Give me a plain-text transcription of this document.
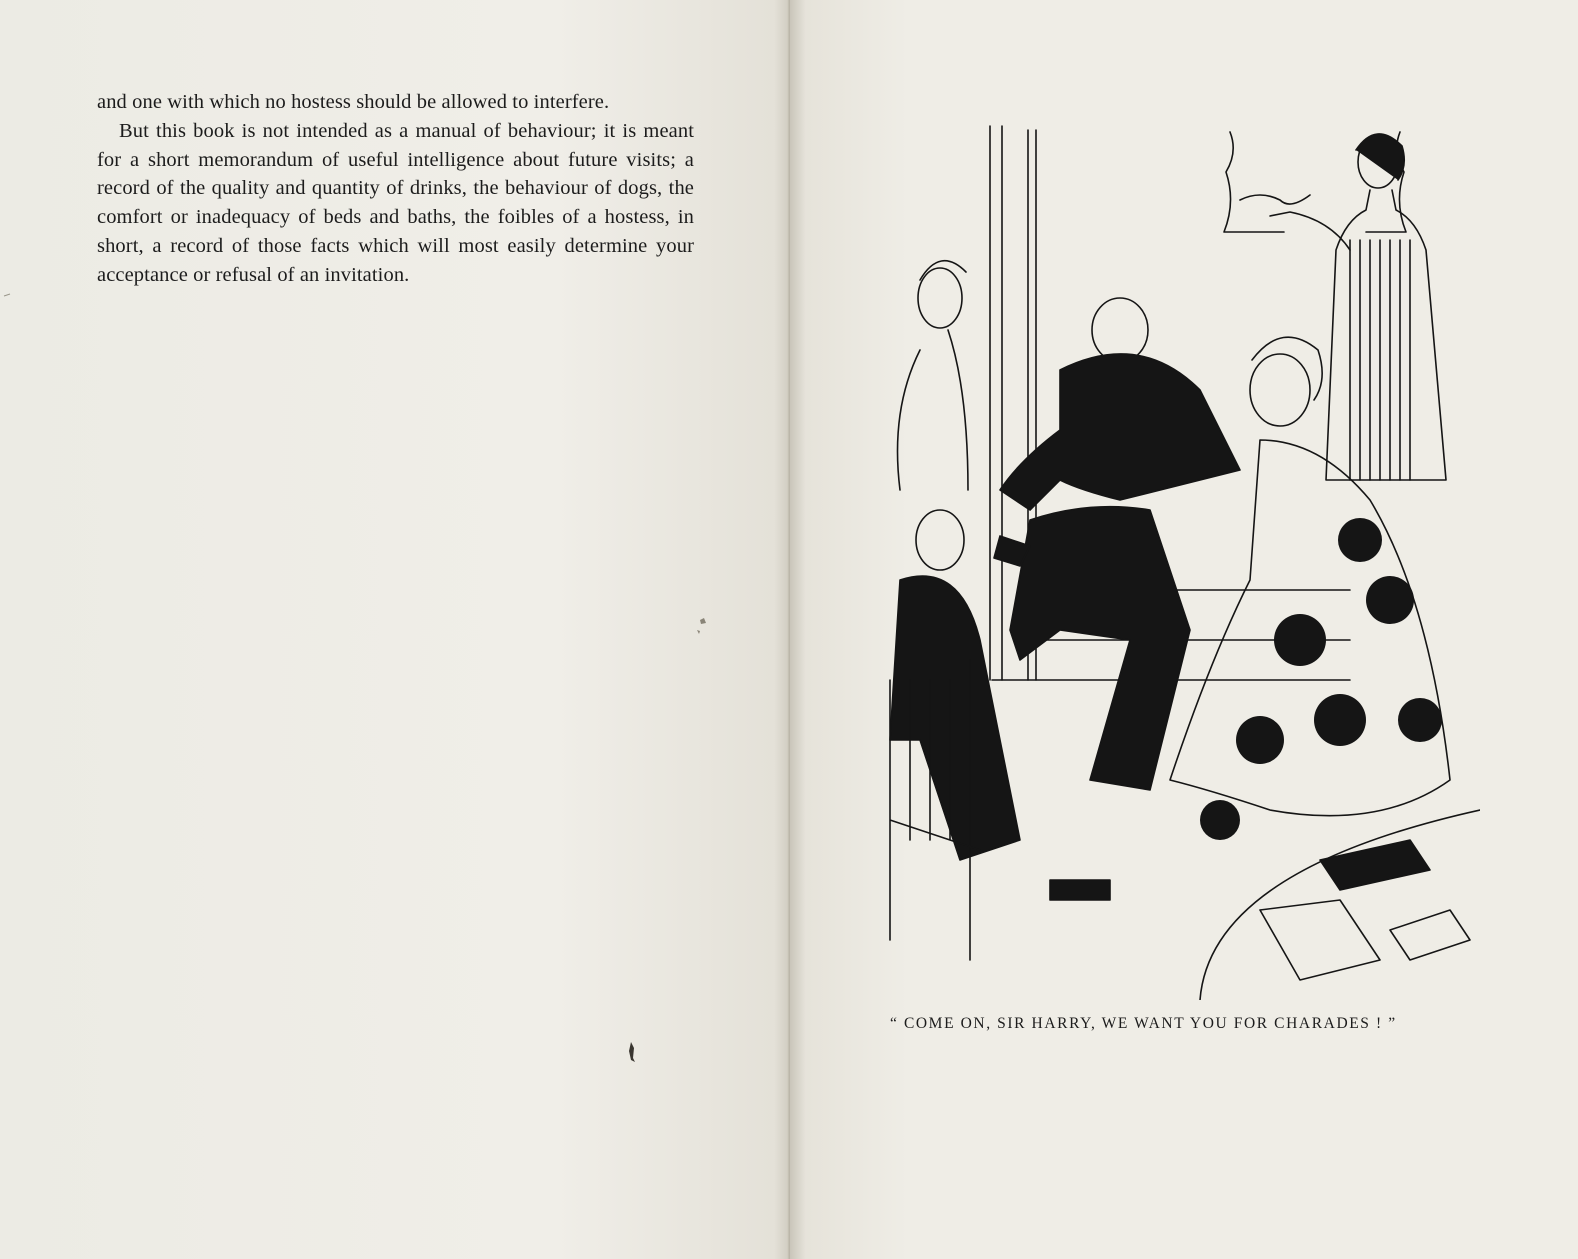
and one with which no hostess should be allowed to interfere.

But this book is not intended as a manual of behaviour; it is meant for a short memorandum of useful intelligence about future visits; a record of the quality and quantity of drinks, the behaviour of dogs, the comfort or inadequacy of beds and baths, the foibles of a hostess, in short, a record of those facts which will most easily determine your acceptance or refusal of an invitation.

“ COME ON, SIR HARRY, WE WANT YOU FOR CHARADES ! ”
